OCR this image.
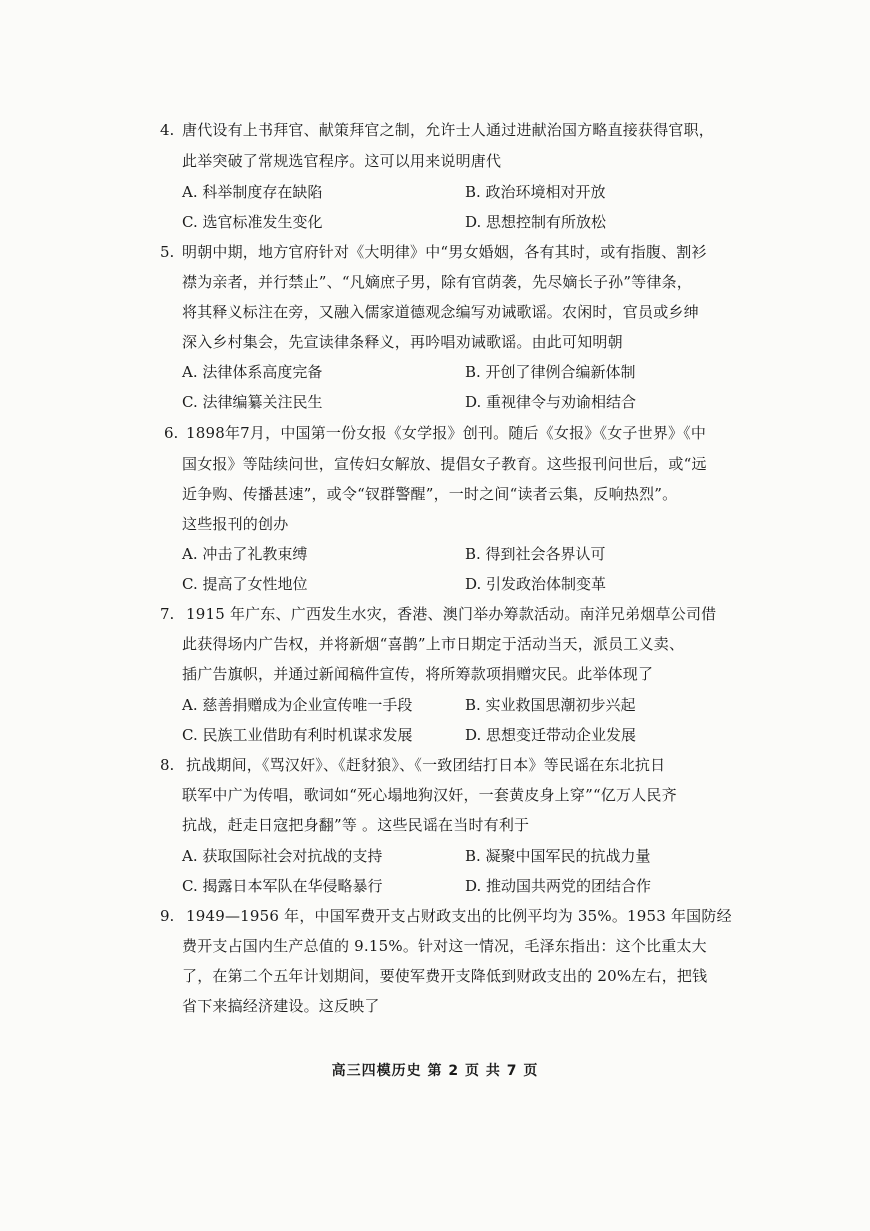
4. 唐代设有上书拜官、献策拜官之制，允许士人通过进献治国方略直接获得官职，
此举突破了常规选官程序。这可以用来说明唐代
A. 科举制度存在缺陷	B. 政治环境相对开放
C. 选官标准发生变化	D. 思想控制有所放松
5. 明朝中期，地方官府针对《大明律》中“男女婚姻，各有其时，或有指腹、割衫
襟为亲者，并行禁止”、“凡嫡庶子男，除有官荫袭，先尽嫡长子孙”等律条，
将其释义标注在旁，又融入儒家道德观念编写劝诫歌谣。农闲时，官员或乡绅
深入乡村集会，先宣读律条释义，再吟唱劝诫歌谣。由此可知明朝
A. 法律体系高度完备	B. 开创了律例合编新体制
C. 法律编纂关注民生	D. 重视律令与劝谕相结合
6. 1898年7月，中国第一份女报《女学报》创刊。随后《女报》《女子世界》《中
国女报》等陆续问世，宣传妇女解放、提倡女子教育。这些报刊问世后，或“远
近争购、传播甚速”，或令“钗群警醒”，一时之间“读者云集，反响热烈”。
这些报刊的创办
A. 冲击了礼教束缚	B. 得到社会各界认可
C. 提高了女性地位	D. 引发政治体制变革
7. 1915 年广东、广西发生水灾，香港、澳门举办筹款活动。南洋兄弟烟草公司借
此获得场内广告权，并将新烟“喜鹊”上市日期定于活动当天，派员工义卖、
插广告旗帜，并通过新闻稿件宣传，将所筹款项捐赠灾民。此举体现了
A. 慈善捐赠成为企业宣传唯一手段	B. 实业救国思潮初步兴起
C. 民族工业借助有利时机谋求发展	D. 思想变迁带动企业发展
8. 抗战期间，《骂汉奸》、《赶豺狼》、《一致团结打日本》等民谣在东北抗日
联军中广为传唱，歌词如“死心塌地狗汉奸，一套黄皮身上穿”“亿万人民齐
抗战，赶走日寇把身翻”等 。这些民谣在当时有利于
A. 获取国际社会对抗战的支持	B. 凝聚中国军民的抗战力量
C. 揭露日本军队在华侵略暴行	D. 推动国共两党的团结合作
9. 1949—1956 年，中国军费开支占财政支出的比例平均为 35%。1953 年国防经
费开支占国内生产总值的 9.15%。针对这一情况，毛泽东指出：这个比重太大
了，在第二个五年计划期间，要使军费开支降低到财政支出的 20%左右，把钱
省下来搞经济建设。这反映了
高三四模历史 第 2 页 共 7 页
